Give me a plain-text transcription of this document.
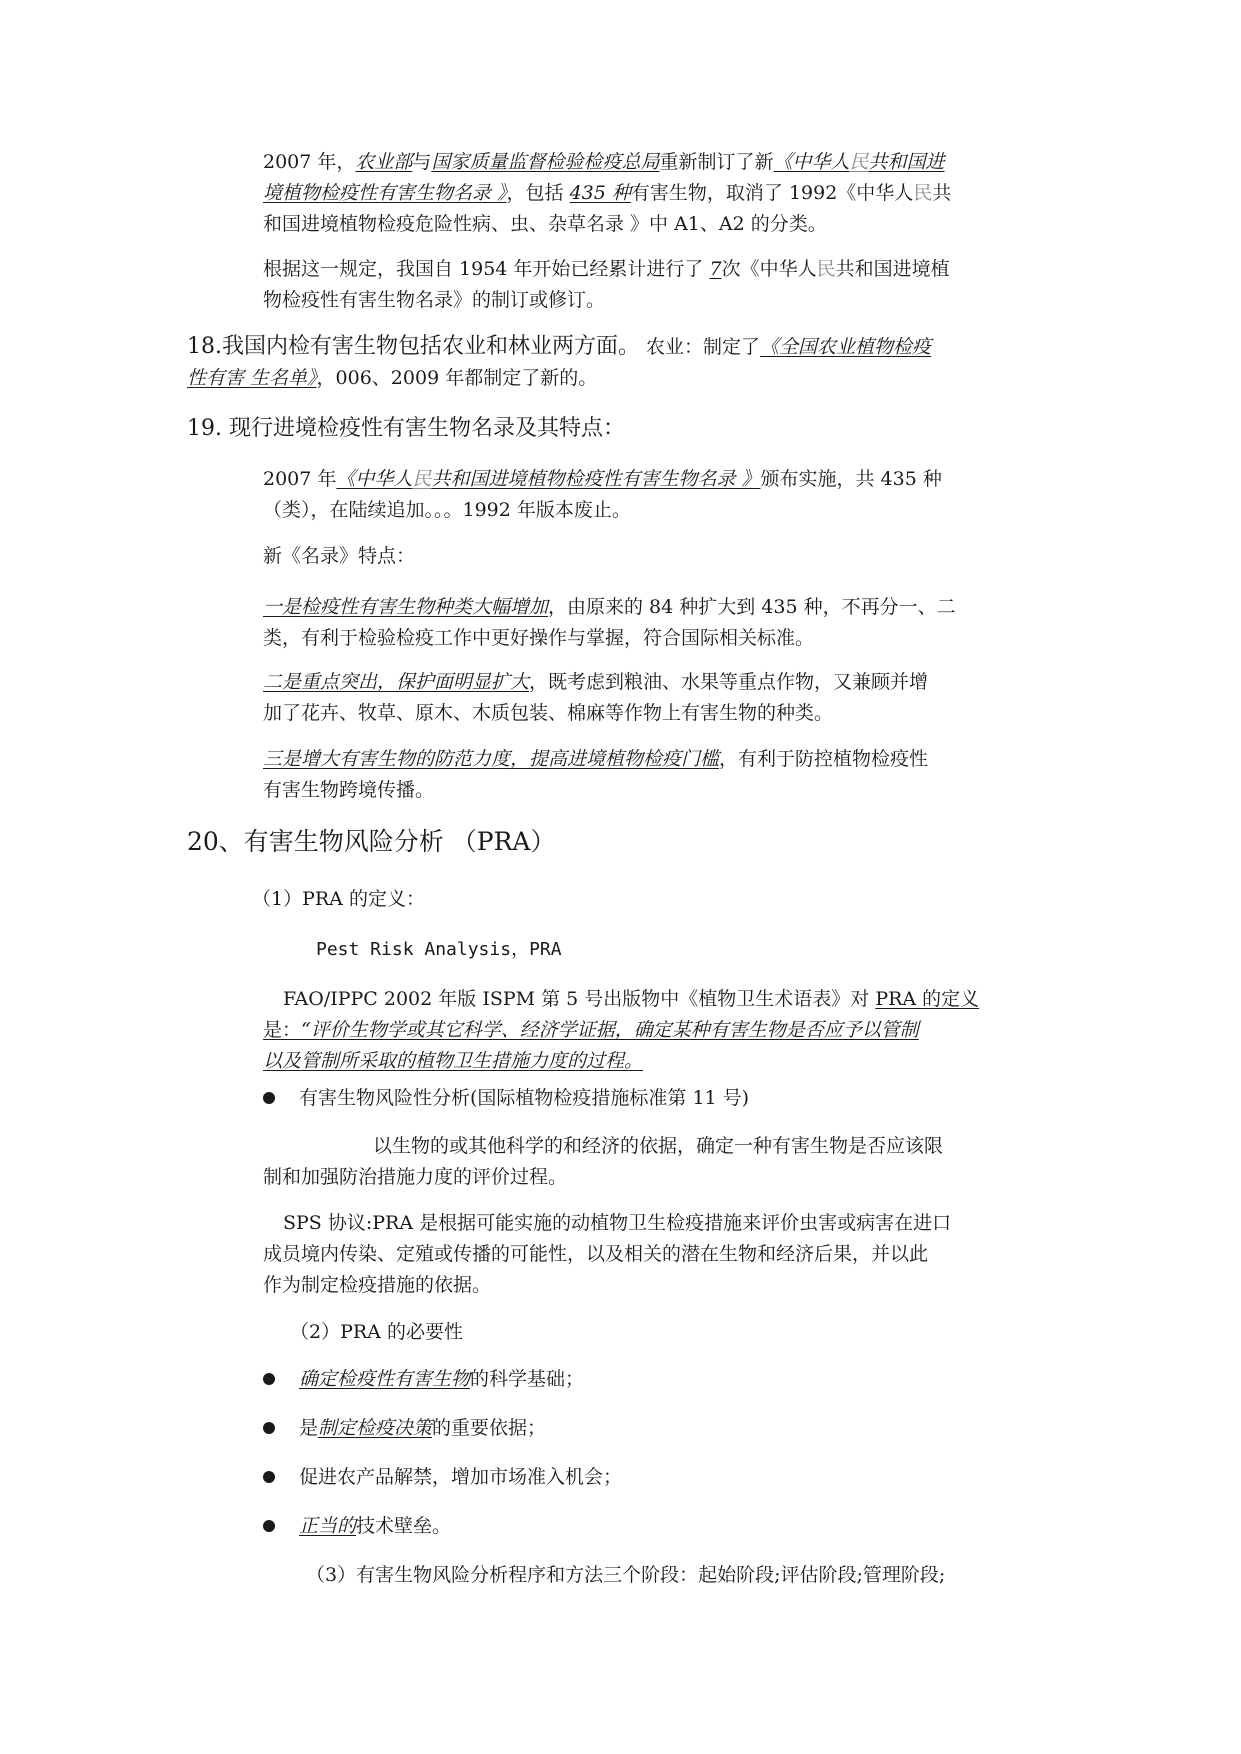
2007 年，农业部与国家质量监督检验检疫总局重新制订了新《中华人民共和国进
境植物检疫性有害生物名录 》，包括 435 种有害生物，取消了 1992《中华人民共
和国进境植物检疫危险性病、虫、杂草名录 》中 A1、A2 的分类。
根据这一规定，我国自 1954 年开始已经累计进行了 7次《中华人民共和国进境植
物检疫性有害生物名录》的制订或修订。
18.我国内检有害生物包括农业和林业两方面。 农业：制定了《全国农业植物检疫
性有害 生名单》，006、2009 年都制定了新的。
19. 现行进境检疫性有害生物名录及其特点：
2007 年《中华人民共和国进境植物检疫性有害生物名录 》颁布实施，共 435 种
（类），在陆续追加。。。1992 年版本废止。
新《名录》特点：
一是检疫性有害生物种类大幅增加，由原来的 84 种扩大到 435 种，不再分一、二
类，有利于检验检疫工作中更好操作与掌握，符合国际相关标准。
二是重点突出，保护面明显扩大，既考虑到粮油、水果等重点作物，又兼顾并增
加了花卉、牧草、原木、木质包装、棉麻等作物上有害生物的种类。
三是增大有害生物的防范力度，提高进境植物检疫门槛，有利于防控植物检疫性
有害生物跨境传播。
20、有害生物风险分析 （PRA）
（1）PRA 的定义：
Pest Risk Analysis，PRA
FAO/IPPC 2002 年版 ISPM 第 5 号出版物中《植物卫生术语表》对 PRA 的定义
是：“评价生物学或其它科学、经济学证据，确定某种有害生物是否应予以管制
以及管制所采取的植物卫生措施力度的过程。
有害生物风险性分析(国际植物检疫措施标准第 11 号)
以生物的或其他科学的和经济的依据，确定一种有害生物是否应该限
制和加强防治措施力度的评价过程。
SPS 协议:PRA 是根据可能实施的动植物卫生检疫措施来评价虫害或病害在进口
成员境内传染、定殖或传播的可能性，以及相关的潜在生物和经济后果，并以此
作为制定检疫措施的依据。
（2）PRA 的必要性
确定检疫性有害生物的科学基础；
是制定检疫决策的重要依据；
促进农产品解禁，增加市场准入机会；
正当的技术壁垒。
（3）有害生物风险分析程序和方法三个阶段：起始阶段;评估阶段;管理阶段;
